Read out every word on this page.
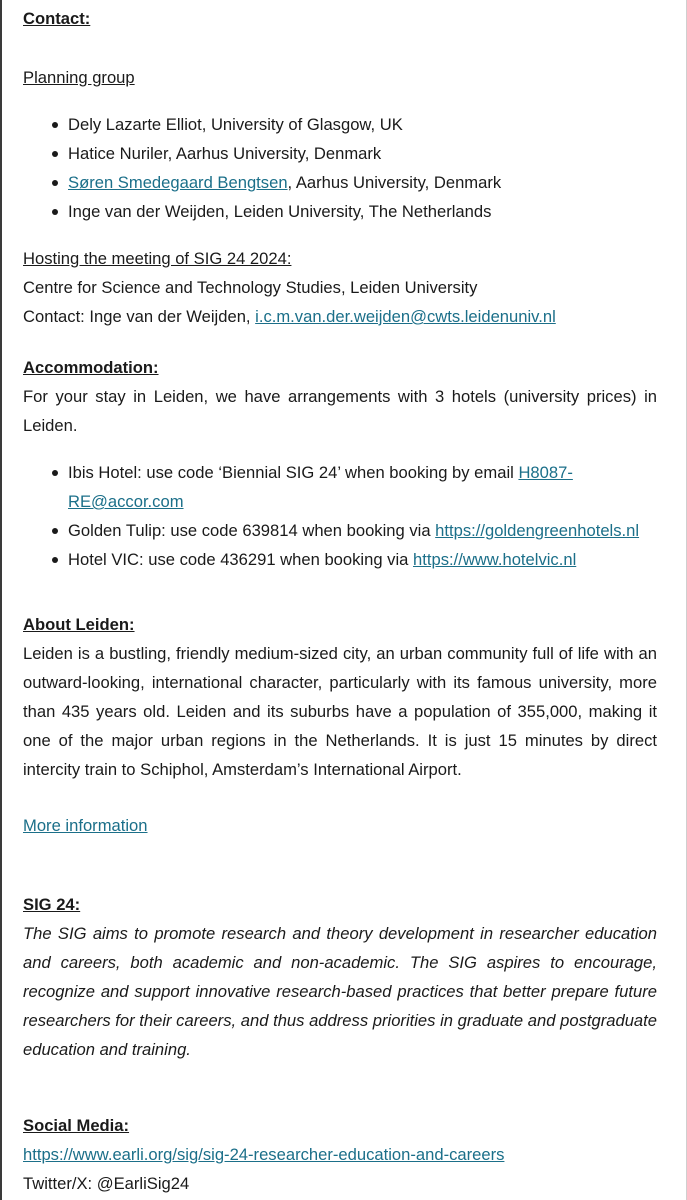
Contact:

Planning group

Dely Lazarte Elliot, University of Glasgow, UK
Hatice Nuriler, Aarhus University, Denmark
Søren Smedegaard Bengtsen, Aarhus University, Denmark
Inge van der Weijden, Leiden University, The Netherlands

Hosting the meeting of SIG 24 2024:

Centre for Science and Technology Studies, Leiden University

Contact: Inge van der Weijden, i.c.m.van.der.weijden@cwts.leidenuniv.nl

Accommodation:

For your stay in Leiden, we have arrangements with 3 hotels (university prices) in Leiden.

Ibis Hotel: use code ‘Biennial SIG 24’ when booking by email H8087-RE@accor.com
Golden Tulip: use code 639814 when booking via https://goldengreenhotels.nl
Hotel VIC: use code 436291 when booking via https://www.hotelvic.nl

About Leiden:

Leiden is a bustling, friendly medium-sized city, an urban community full of life with an outward-looking, international character, particularly with its famous university, more than 435 years old. Leiden and its suburbs have a population of 355,000, making it one of the major urban regions in the Netherlands. It is just 15 minutes by direct intercity train to Schiphol, Amsterdam’s International Airport.

More information

SIG 24:

The SIG aims to promote research and theory development in researcher education and careers, both academic and non-academic. The SIG aspires to encourage, recognize and support innovative research-based practices that better prepare future researchers for their careers, and thus address priorities in graduate and postgraduate education and training.

Social Media:

https://www.earli.org/sig/sig-24-researcher-education-and-careers

Twitter/X: @EarliSig24
